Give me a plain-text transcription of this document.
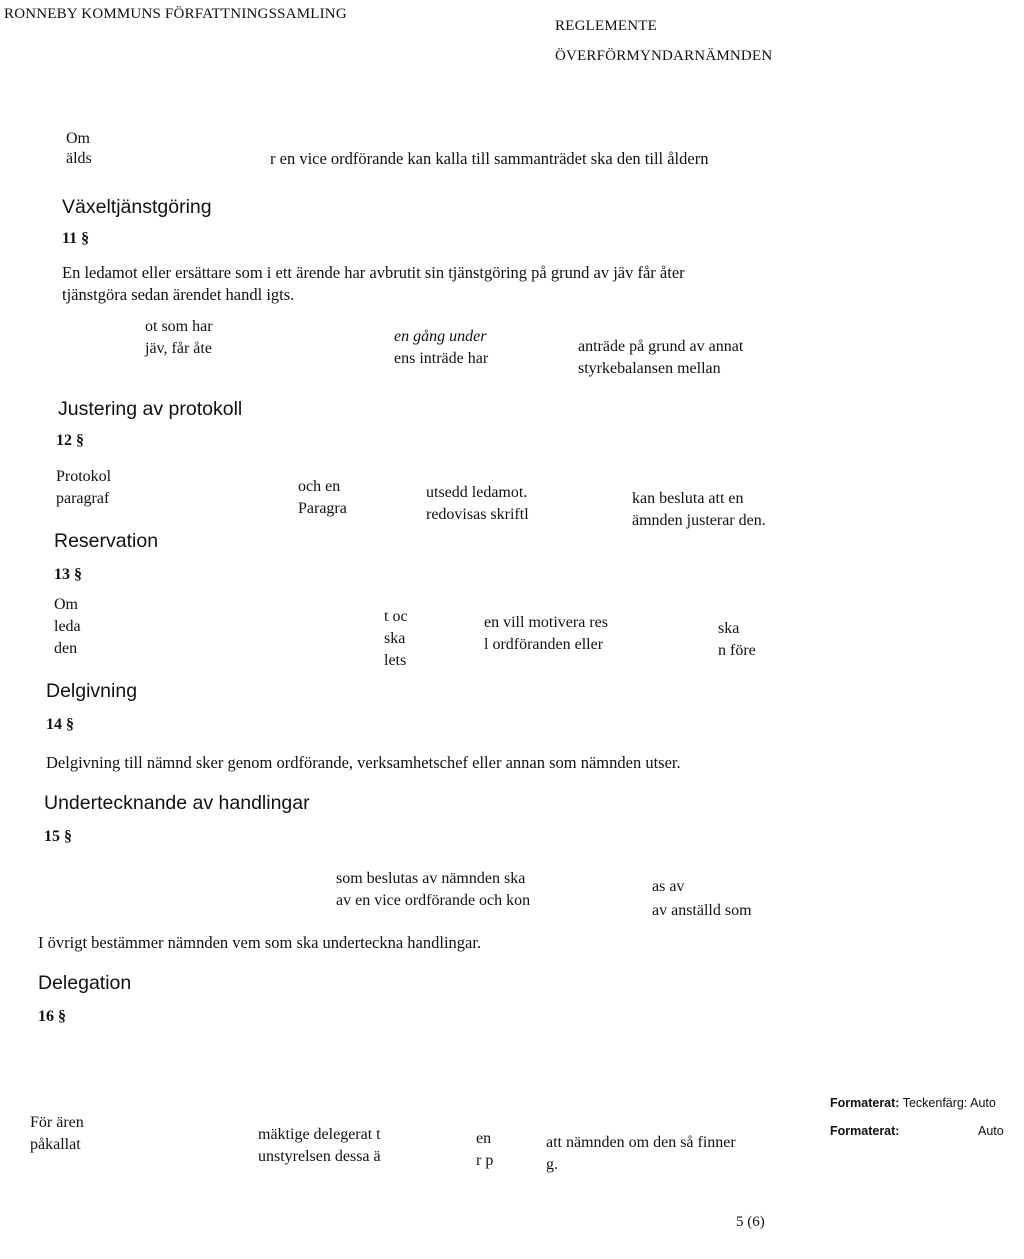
RONNEBY KOMMUNS FÖRFATTNINGSSAMLING
REGLEMENTE
ÖVERFÖRMYNDARNÄMNDEN
Om
älds	r en vice ordförande kan kalla till sammanträdet ska den till åldern
Växeltjänstgöring
11 §
En ledamot eller ersättare som i ett ärende har avbrutit sin tjänstgöring på grund av jäv får åter
tjänstgöra sedan ärendet handl igts.
ot som har
jäv, får åte
en gång under
ens inträde har
anträde på grund av annat
styrkebalansen mellan
Justering av protokoll
12 §
Protokol
paragraf
och en
Paragra
utsedd ledamot.
redovisas skriftl
kan besluta att en
ämnden justerar den.
Reservation
13 §
Om
leda
den
t oc
ska
lets
en vill motivera res
l ordföranden eller
ska
n före
Delgivning
14 §
Delgivning till nämnd sker genom ordförande, verksamhetschef eller annan som nämnden utser.
Undertecknande av handlingar
15 §
som beslutas av nämnden ska
av en vice ordförande och kon
as av
av anställd som
I övrigt bestämmer nämnden vem som ska underteckna handlingar.
Delegation
16 §
För ären
påkallat
mäktige delegerat t
unstyrelsen dessa ä
en
r p
att nämnden om den så finner
g.
Formaterat: Teckenfärg: Auto
Formaterat:	Auto
5 (6)
